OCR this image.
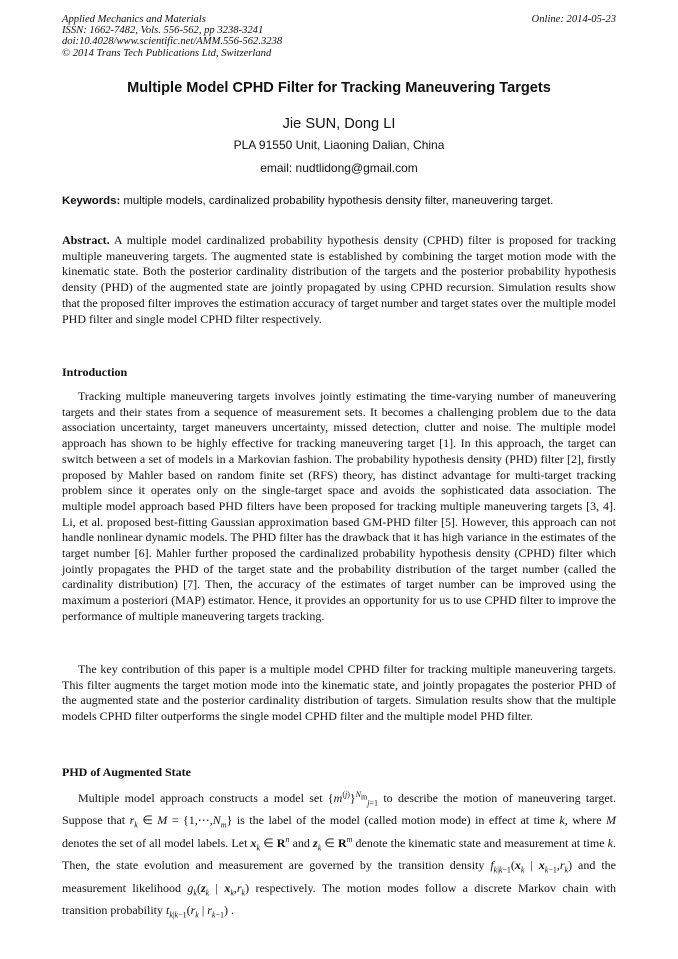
Applied Mechanics and Materials
ISSN: 1662-7482, Vols. 556-562, pp 3238-3241
doi:10.4028/www.scientific.net/AMM.556-562.3238
© 2014 Trans Tech Publications Ltd, Switzerland
Online: 2014-05-23
Multiple Model CPHD Filter for Tracking Maneuvering Targets
Jie SUN, Dong LI
PLA 91550 Unit, Liaoning Dalian, China
email: nudtlidong@gmail.com
Keywords: multiple models, cardinalized probability hypothesis density filter, maneuvering target.
Abstract. A multiple model cardinalized probability hypothesis density (CPHD) filter is proposed for tracking multiple maneuvering targets. The augmented state is established by combining the target motion mode with the kinematic state. Both the posterior cardinality distribution of the targets and the posterior probability hypothesis density (PHD) of the augmented state are jointly propagated by using CPHD recursion. Simulation results show that the proposed filter improves the estimation accuracy of target number and target states over the multiple model PHD filter and single model CPHD filter respectively.
Introduction
Tracking multiple maneuvering targets involves jointly estimating the time-varying number of maneuvering targets and their states from a sequence of measurement sets. It becomes a challenging problem due to the data association uncertainty, target maneuvers uncertainty, missed detection, clutter and noise. The multiple model approach has shown to be highly effective for tracking maneuvering target [1]. In this approach, the target can switch between a set of models in a Markovian fashion. The probability hypothesis density (PHD) filter [2], firstly proposed by Mahler based on random finite set (RFS) theory, has distinct advantage for multi-target tracking problem since it operates only on the single-target space and avoids the sophisticated data association. The multiple model approach based PHD filters have been proposed for tracking multiple maneuvering targets [3, 4]. Li, et al. proposed best-fitting Gaussian approximation based GM-PHD filter [5]. However, this approach can not handle nonlinear dynamic models. The PHD filter has the drawback that it has high variance in the estimates of the target number [6]. Mahler further proposed the cardinalized probability hypothesis density (CPHD) filter which jointly propagates the PHD of the target state and the probability distribution of the target number (called the cardinality distribution) [7]. Then, the accuracy of the estimates of target number can be improved using the maximum a posteriori (MAP) estimator. Hence, it provides an opportunity for us to use CPHD filter to improve the performance of multiple maneuvering targets tracking.
The key contribution of this paper is a multiple model CPHD filter for tracking multiple maneuvering targets. This filter augments the target motion mode into the kinematic state, and jointly propagates the posterior PHD of the augmented state and the posterior cardinality distribution of targets. Simulation results show that the multiple models CPHD filter outperforms the single model CPHD filter and the multiple model PHD filter.
PHD of Augmented State
Multiple model approach constructs a model set $\{m^{(j)}\}^{N_m}_{j=1}$ to describe the motion of maneuvering target. Suppose that $r_k$ ∈ $M = \{1,\cdots,N_m\}$ is the label of the model (called motion mode) in effect at time k, where M denotes the set of all model labels. Let $x_k$ ∈ $R^n$ and $z_k$ ∈ $R^m$ denote the kinematic state and measurement at time k. Then, the state evolution and measurement are governed by the transition density $f_{k|k-1}(x_k$ | $x_{k-1},r_k$) and the measurement likelihood $g_k(z_k$ | $x_k,r_k$) respectively. The motion modes follow a discrete Markov chain with transition probability $t_{k|k-1}(r_k$ | $r_{k-1}$) .
